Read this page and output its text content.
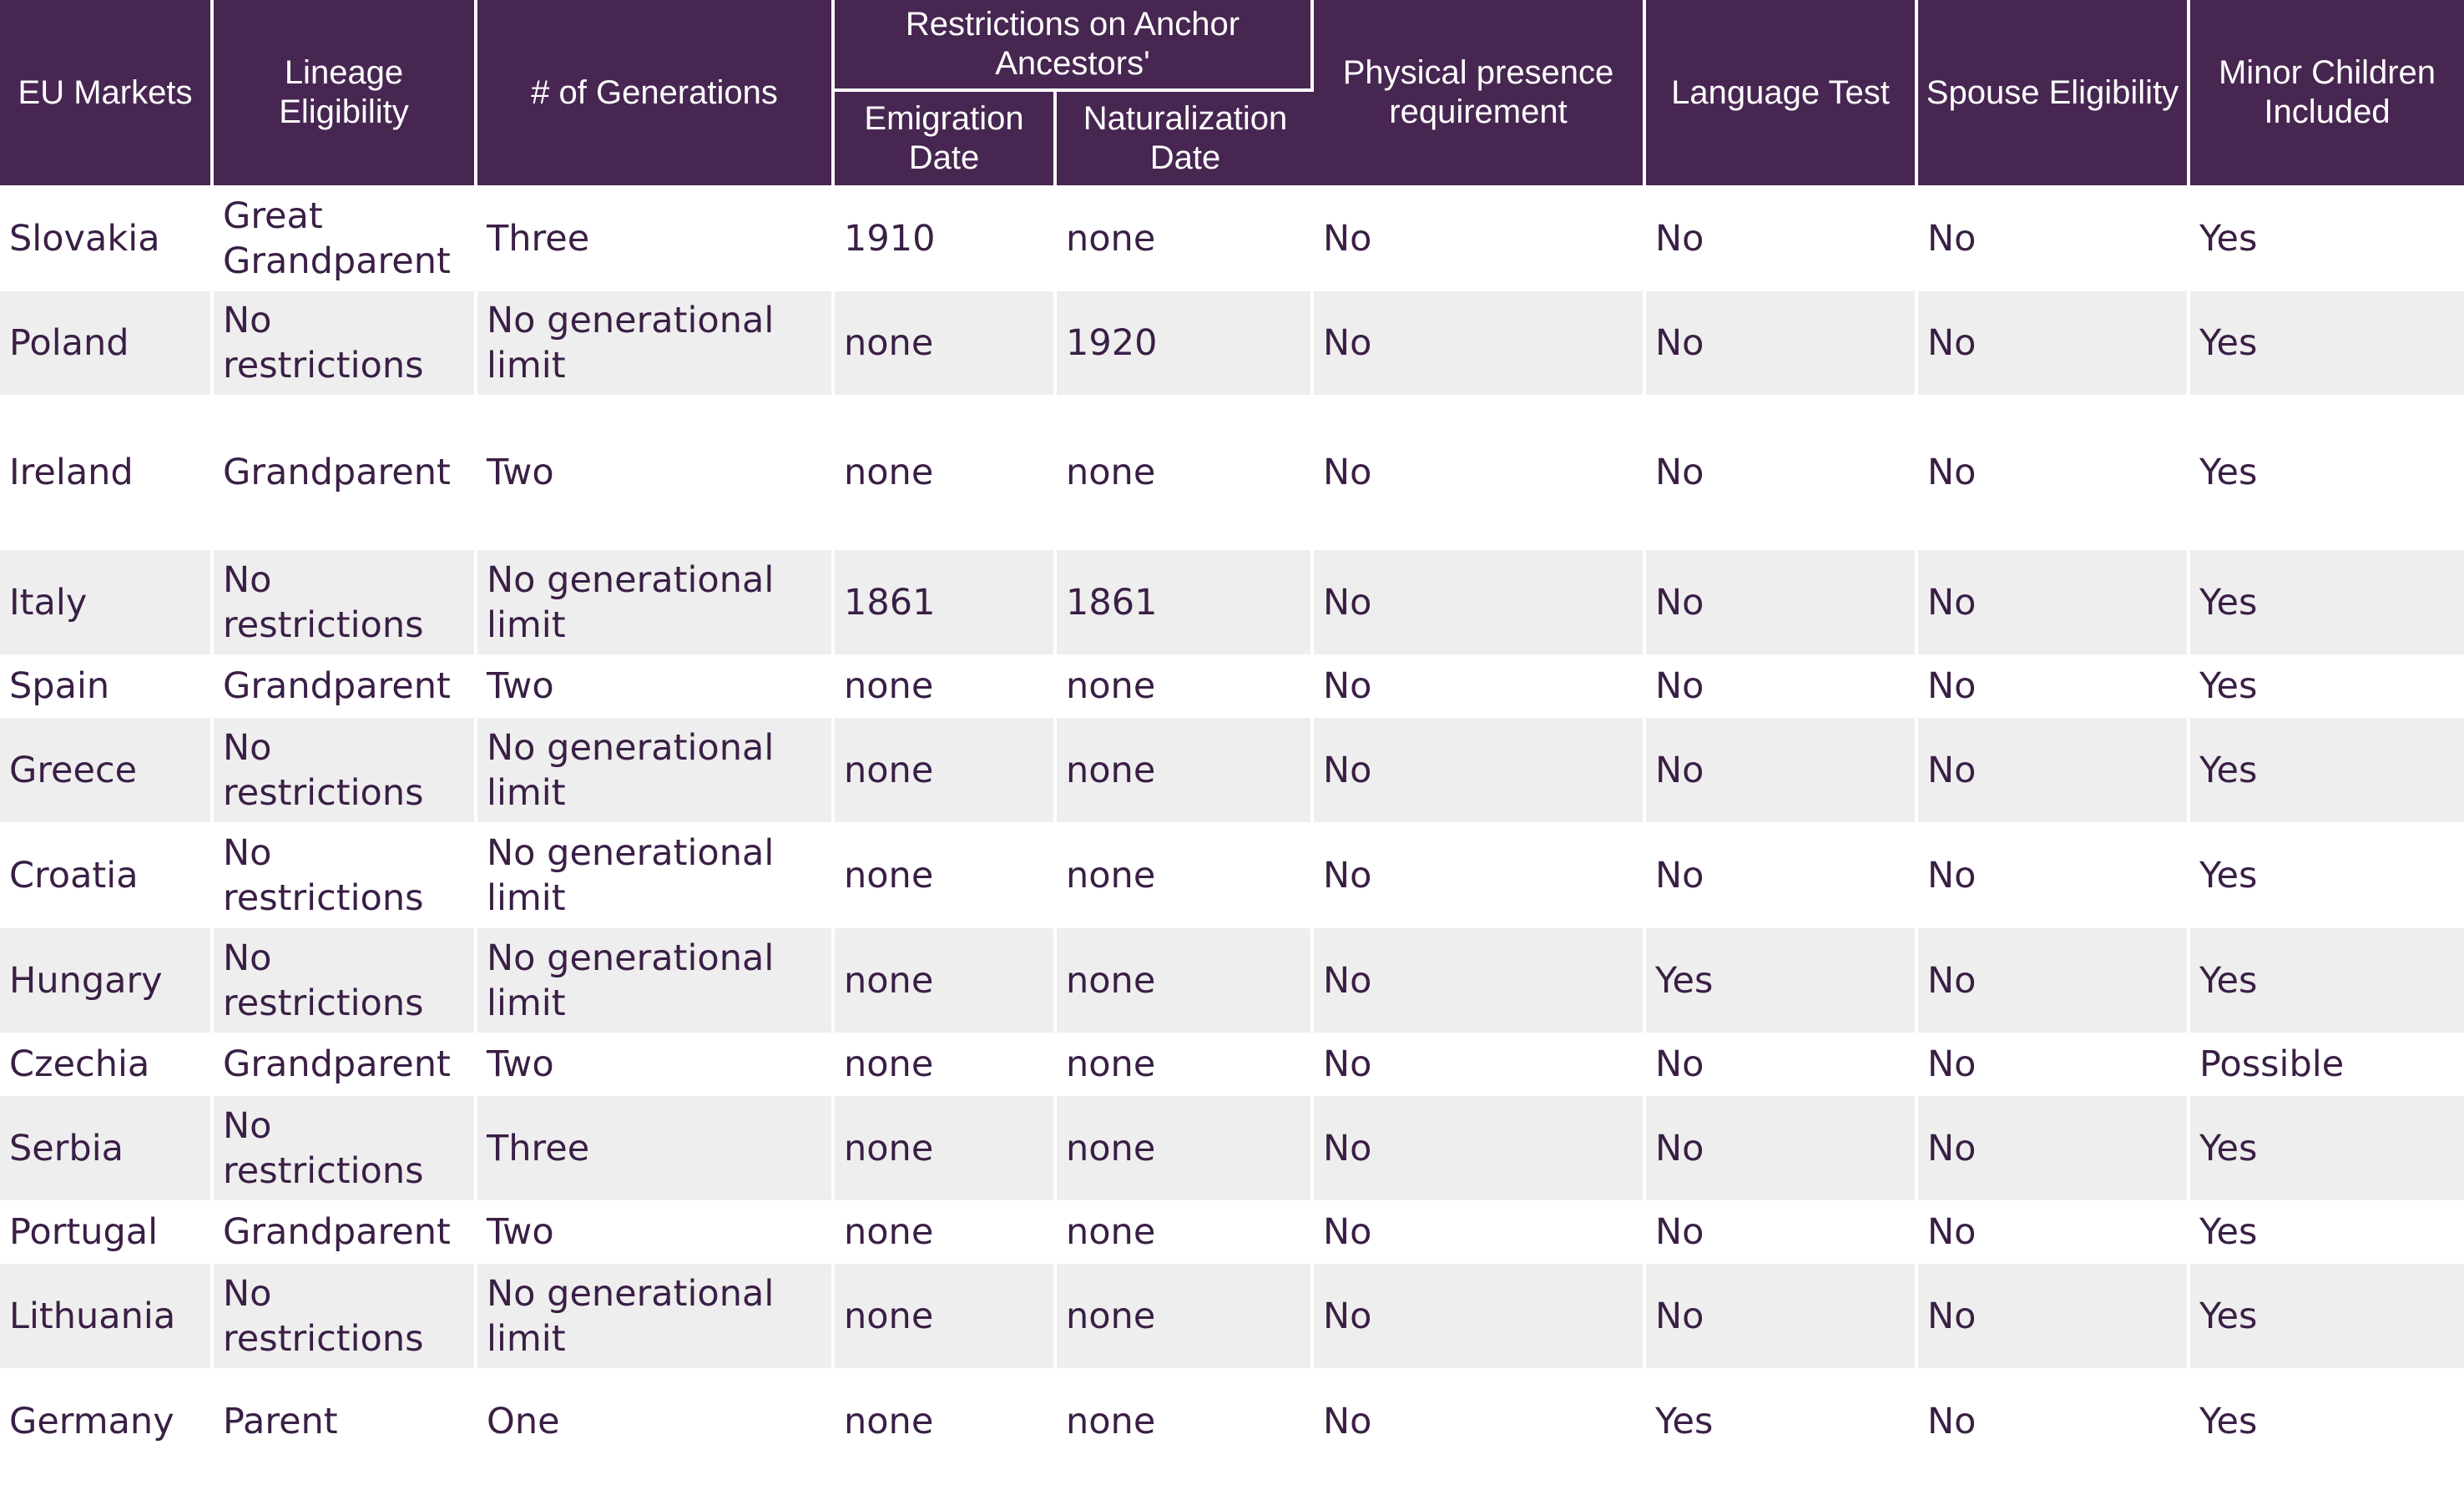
EU Markets	Lineage Eligibility	# of Generations	Restrictions on Anchor Ancestors'		Physical presence requirement	Language Test	Spouse Eligibility	Minor Children Included
			Emigration Date	Naturalization Date				
Slovakia	Great Grandparent	Three	1910	none	No	No	No	Yes
Poland	No restrictions	No generational limit	none	1920	No	No	No	Yes
Ireland	Grandparent	Two	none	none	No	No	No	Yes
Italy	No restrictions	No generational limit	1861	1861	No	No	No	Yes
Spain	Grandparent	Two	none	none	No	No	No	Yes
Greece	No restrictions	No generational limit	none	none	No	No	No	Yes
Croatia	No restrictions	No generational limit	none	none	No	No	No	Yes
Hungary	No restrictions	No generational limit	none	none	No	Yes	No	Yes
Czechia	Grandparent	Two	none	none	No	No	No	Possible
Serbia	No restrictions	Three	none	none	No	No	No	Yes
Portugal	Grandparent	Two	none	none	No	No	No	Yes
Lithuania	No restrictions	No generational limit	none	none	No	No	No	Yes
Germany	Parent	One	none	none	No	Yes	No	Yes
